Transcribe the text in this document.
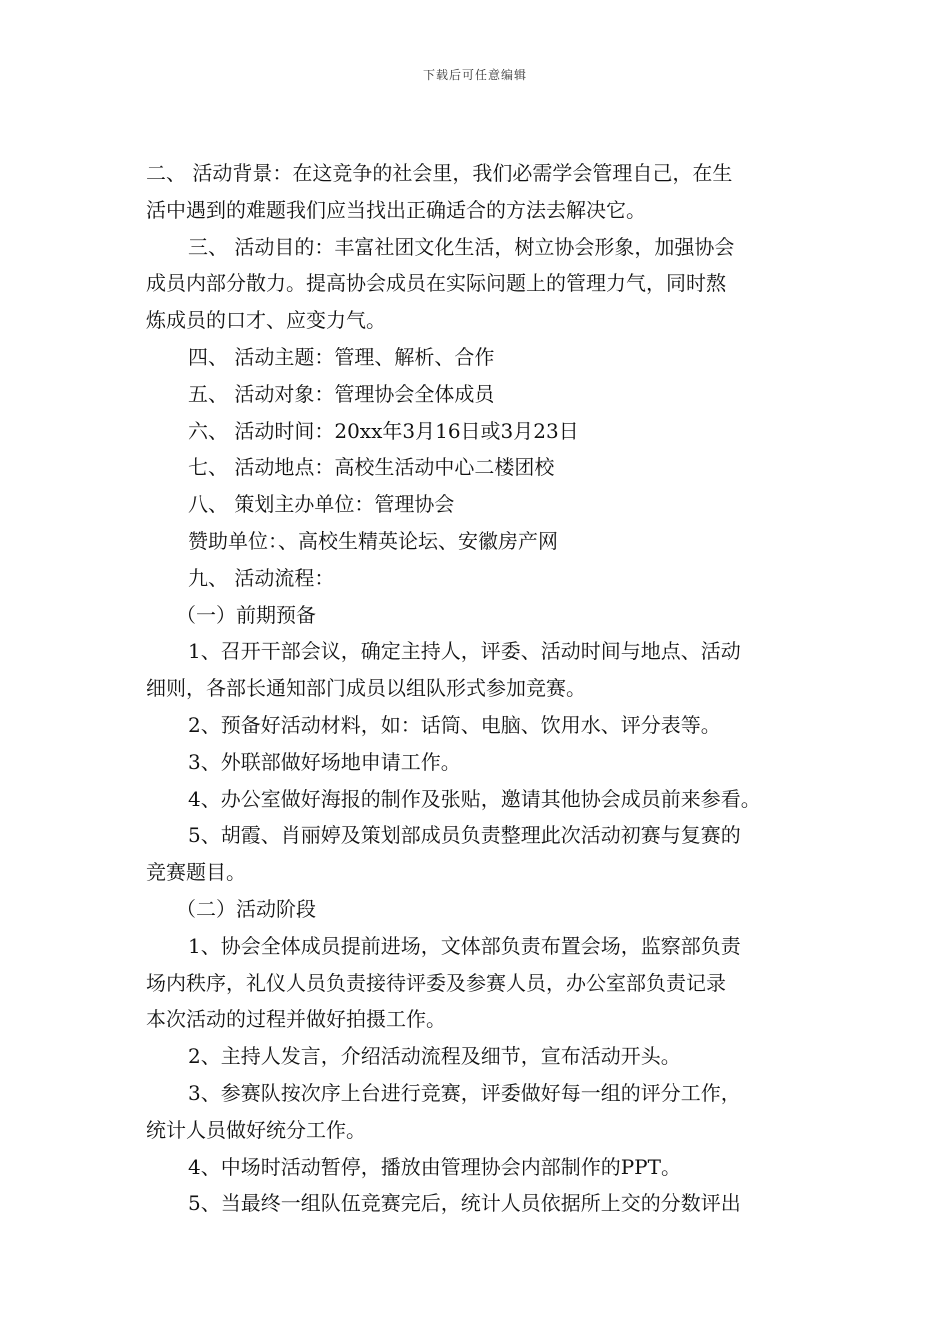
下载后可任意编辑
二、 活动背景：在这竞争的社会里，我们必需学会管理自己，在生
活中遇到的难题我们应当找出正确适合的方法去解决它。
三、 活动目的：丰富社团文化生活，树立协会形象，加强协会
成员内部分散力。提高协会成员在实际问题上的管理力气，同时熬
炼成员的口才、应变力气。
四、 活动主题：管理、解析、合作
五、 活动对象：管理协会全体成员
六、 活动时间：20xx年3月16日或3月23日
七、 活动地点：高校生活动中心二楼团校
八、 策划主办单位：管理协会
赞助单位：、高校生精英论坛、安徽房产网
九、 活动流程：
（一）前期预备
1、召开干部会议，确定主持人，评委、活动时间与地点、活动
细则，各部长通知部门成员以组队形式参加竞赛。
2、预备好活动材料，如：话筒、电脑、饮用水、评分表等。
3、外联部做好场地申请工作。
4、办公室做好海报的制作及张贴，邀请其他协会成员前来参看。
5、胡霞、肖丽婷及策划部成员负责整理此次活动初赛与复赛的
竞赛题目。
（二）活动阶段
1、协会全体成员提前进场，文体部负责布置会场，监察部负责
场内秩序，礼仪人员负责接待评委及参赛人员，办公室部负责记录
本次活动的过程并做好拍摄工作。
2、主持人发言，介绍活动流程及细节，宣布活动开头。
3、参赛队按次序上台进行竞赛，评委做好每一组的评分工作，
统计人员做好统分工作。
4、中场时活动暂停，播放由管理协会内部制作的PPT。
5、当最终一组队伍竞赛完后，统计人员依据所上交的分数评出
